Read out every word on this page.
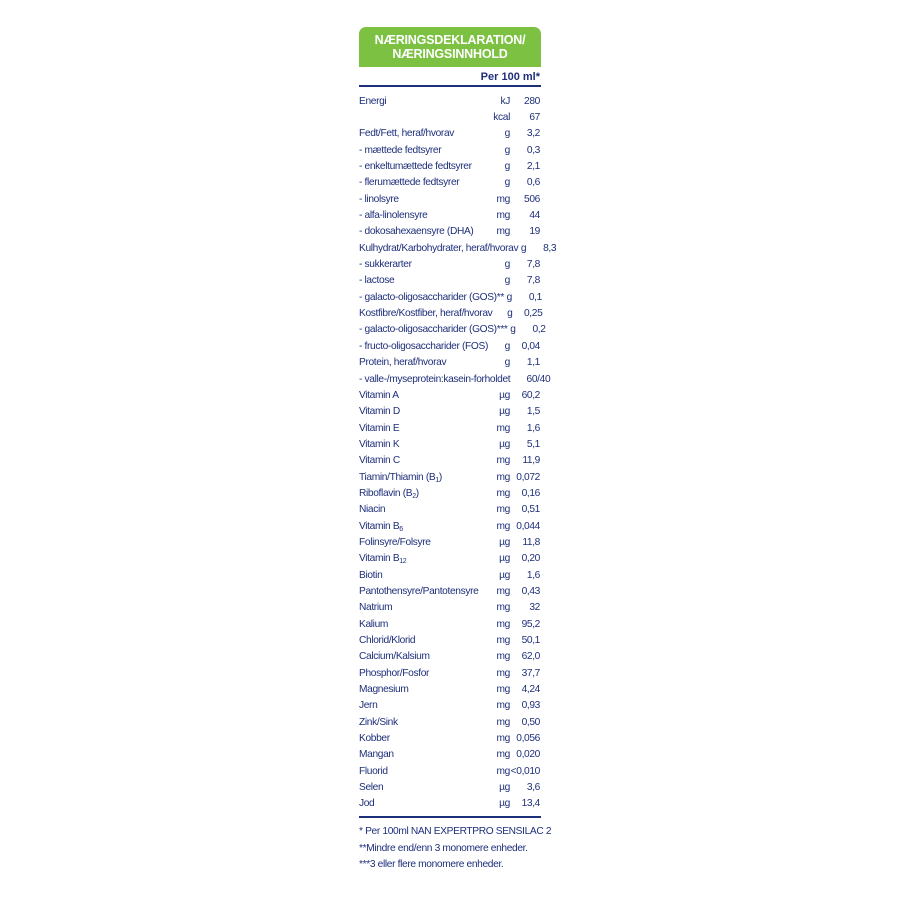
NÆRINGSDEKLARATION/
NÆRINGSINNHOLD
Per 100 ml*
Energi	kJ	280
kcal	67
Fedt/Fett, heraf/hvorav	g	3,2
- mættede fedtsyrer	g	0,3
- enkeltumættede fedtsyrer	g	2,1
- flerumættede fedtsyrer	g	0,6
- linolsyre	mg	506
- alfa-linolensyre	mg	44
- dokosahexaensyre (DHA)	mg	19
Kulhydrat/Karbohydrater, heraf/hvorav g	8,3
- sukkerarter	g	7,8
- lactose	g	7,8
- galacto-oligosaccharider (GOS)** g	0,1
Kostfibre/Kostfiber, heraf/hvorav	g	0,25
- galacto-oligosaccharider (GOS)*** g	0,2
- fructo-oligosaccharider (FOS)	g	0,04
Protein, heraf/hvorav	g	1,1
- valle-/myseprotein:kasein-forholdet	60/40
Vitamin A	µg	60,2
Vitamin D	µg	1,5
Vitamin E	mg	1,6
Vitamin K	µg	5,1
Vitamin C	mg	11,9
Tiamin/Thiamin $(B_1)$	mg 0,072
Riboflavin $(B_2)$	mg	0,16
Niacin	mg	0,51
Vitamin $B_6$	mg 0,044
Folinsyre/Folsyre	µg	11,8
Vitamin $B_{12}$	µg	0,20
Biotin	µg	1,6
Pantothensyre/Pantotensyre	mg	0,43
Natrium	mg	32
Kalium	mg	95,2
Chlorid/Klorid	mg	50,1
Calcium/Kalsium	mg	62,0
Phosphor/Fosfor	mg	37,7
Magnesium	mg	4,24
Jern	mg	0,93
Zink/Sink	mg	0,50
Kobber	mg 0,056
Mangan	mg 0,020
Fluorid	mg <0,010
Selen	µg	3,6
Jod	µg	13,4
* Per 100ml NAN EXPERTPRO SENSILAC 2
**Mindre end/enn 3 monomere enheder.
***3 eller flere monomere enheder.
